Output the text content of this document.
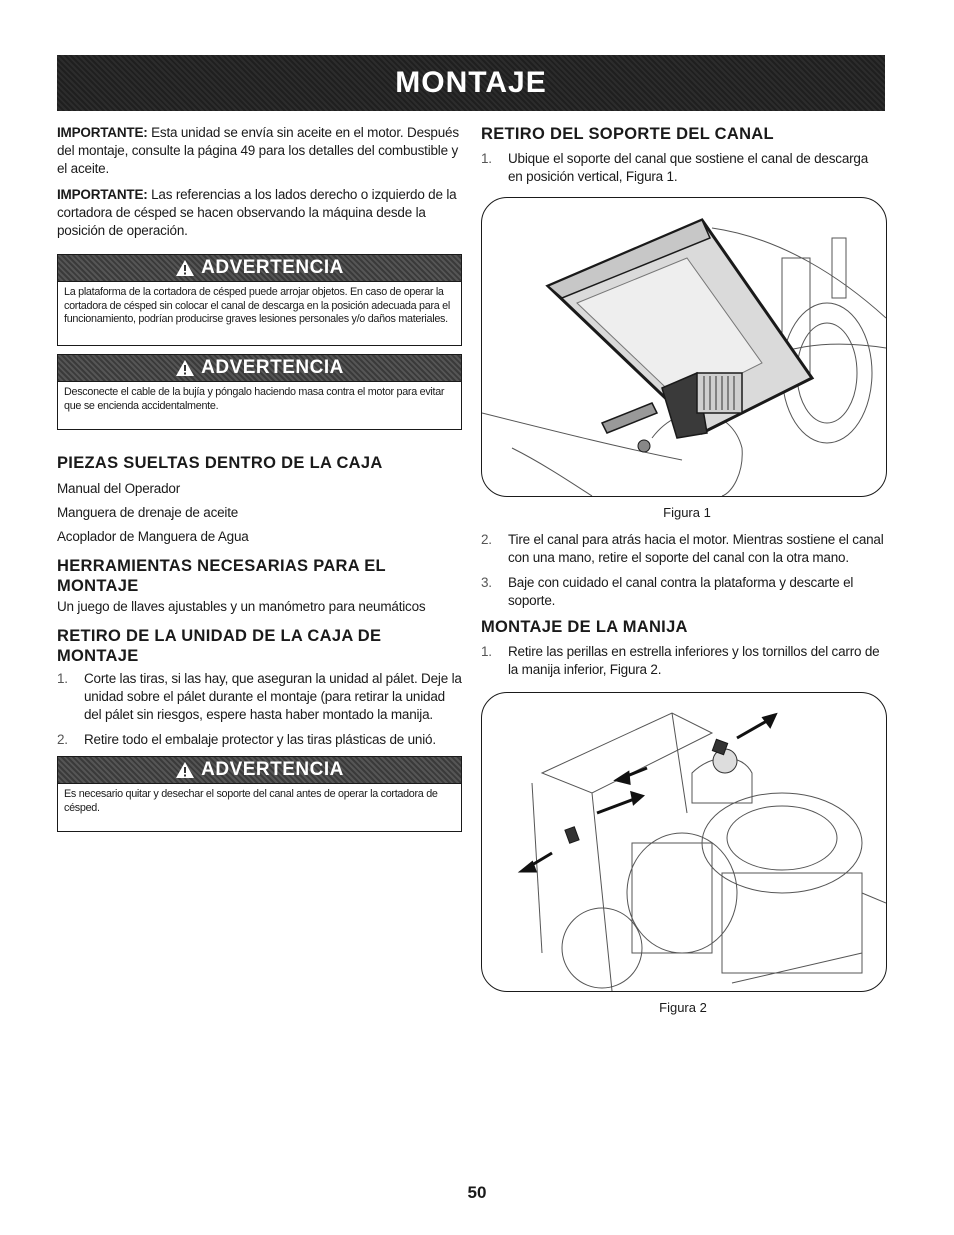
MONTAJE

IMPORTANTE: Esta unidad se envía sin aceite en el motor. Después del montaje, consulte la página 49 para los detalles del combustible y el aceite.

IMPORTANTE: Las referencias a los lados derecho o izquierdo de la cortadora de césped se hacen observando la máquina desde la posición de operación.

ADVERTENCIA
La plataforma de la cortadora de césped puede arrojar objetos. En caso de operar la cortadora de césped sin colocar el canal de descarga en la posición adecuada para el funcionamiento, podrían producirse graves lesiones personales y/o daños materiales.
ADVERTENCIA
Desconecte el cable de la bujía y póngalo haciendo masa contra el motor para evitar que se encienda accidentalmente.
PIEZAS SUELTAS DENTRO DE LA CAJA

Manual del Operador

Manguera de drenaje de aceite

Acoplador de Manguera de Agua

HERRAMIENTAS NECESARIAS PARA EL MONTAJE

Un juego de llaves ajustables y un manómetro para neumáticos

RETIRO DE LA UNIDAD DE LA CAJA DE MONTAJE
1. Corte las tiras, si las hay, que aseguran la unidad al pálet. Deje la unidad sobre el pálet durante el montaje (para retirar la unidad del pálet sin riesgos, espere hasta haber montado la manija.
2. Retire todo el embalaje protector y las tiras plásticas de unió.
ADVERTENCIA
Es necesario quitar y desechar el soporte del canal antes de operar la cortadora de césped.
RETIRO DEL SOPORTE DEL CANAL
1. Ubique el soporte del canal que sostiene el canal de descarga en posición vertical, Figura 1.
Figura 1
2. Tire el canal para atrás hacia el motor. Mientras sostiene el canal con una mano, retire el soporte del canal con la otra mano.
3. Baje con cuidado el canal contra la plataforma y descarte el soporte.
MONTAJE DE LA MANIJA
1. Retire las perillas en estrella inferiores y los tornillos del carro de la manija inferior, Figura 2.
Figura 2
50
